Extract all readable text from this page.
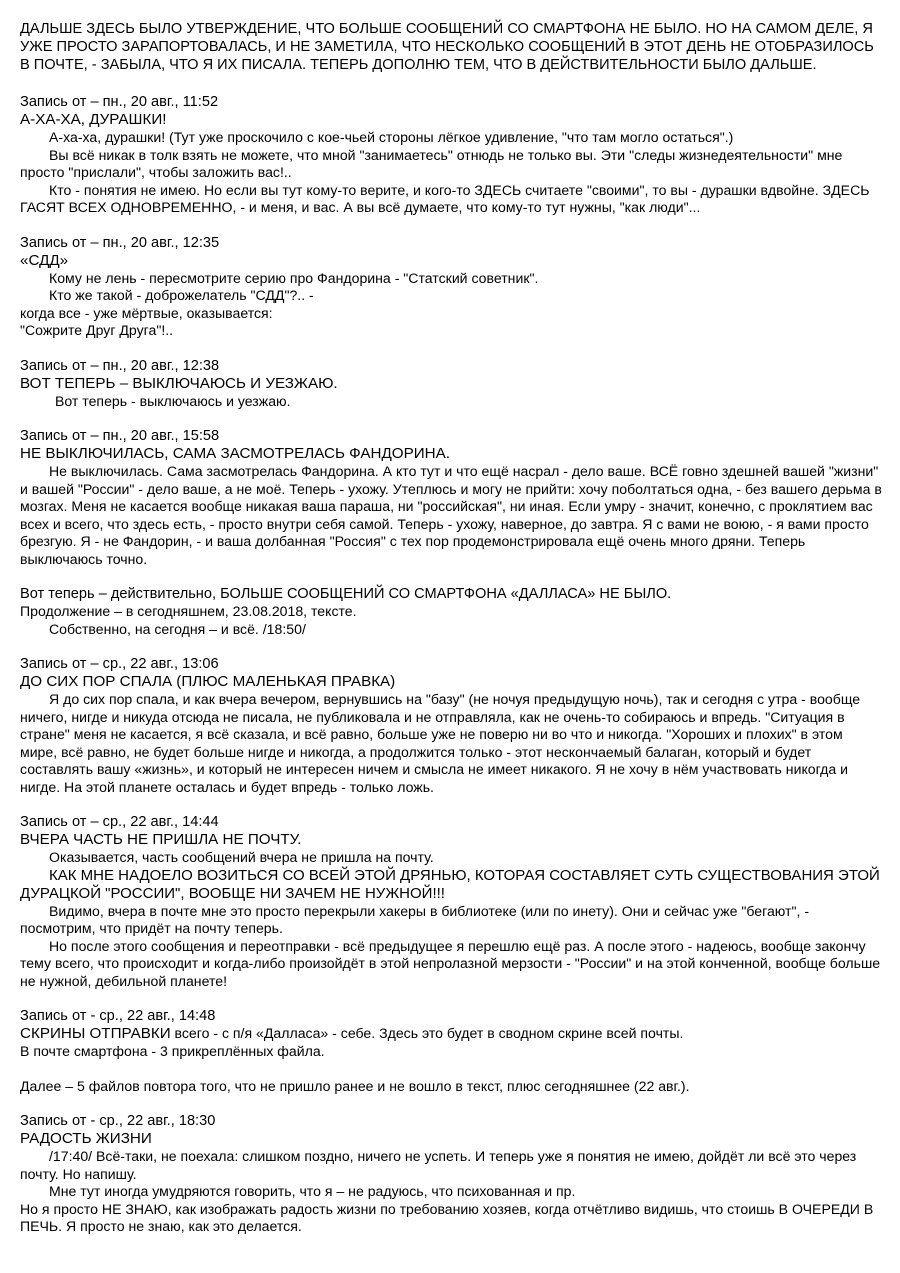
ДАЛЬШЕ ЗДЕСЬ БЫЛО УТВЕРЖДЕНИЕ, ЧТО БОЛЬШЕ СООБЩЕНИЙ СО СМАРТФОНА НЕ БЫЛО. НО НА САМОМ ДЕЛЕ, Я УЖЕ ПРОСТО ЗАРАПОРТОВАЛАСЬ, И НЕ ЗАМЕТИЛА, ЧТО НЕСКОЛЬКО СООБЩЕНИЙ В ЭТОТ ДЕНЬ НЕ ОТОБРАЗИЛОСЬ В ПОЧТЕ, - ЗАБЫЛА, ЧТО Я ИХ ПИСАЛА. ТЕПЕРЬ ДОПОЛНЮ ТЕМ, ЧТО В ДЕЙСТВИТЕЛЬНОСТИ БЫЛО ДАЛЬШЕ.

Запись от – пн., 20 авг., 11:52

А-ХА-ХА, ДУРАШКИ!

А-ха-ха, дурашки! (Тут уже проскочило с кое-чьей стороны лёгкое удивление, "что там могло остаться".)

Вы всё никак в толк взять не можете, что мной "занимаетесь" отнюдь не только вы. Эти "следы жизнедеятельности" мне просто "прислали", чтобы заложить вас!..

Кто - понятия не имею. Но если вы тут кому-то верите, и кого-то ЗДЕСЬ считаете "своими", то вы - дурашки вдвойне. ЗДЕСЬ ГАСЯТ ВСЕХ ОДНОВРЕМЕННО, - и меня, и вас. А вы всё думаете, что кому-то тут нужны, "как люди"...

Запись от – пн., 20 авг., 12:35

«СДД»

Кому не лень - пересмотрите серию про Фандорина - "Статский советник".

Кто же такой - доброжелатель "СДД"?.. -

когда все - уже мёртвые, оказывается:

"Сожрите Друг Друга"!..

Запись от – пн., 20 авг., 12:38

ВОТ ТЕПЕРЬ – ВЫКЛЮЧАЮСЬ И УЕЗЖАЮ.

Вот теперь - выключаюсь и уезжаю.

Запись от – пн., 20 авг., 15:58

НЕ ВЫКЛЮЧИЛАСЬ, САМА ЗАСМОТРЕЛАСЬ ФАНДОРИНА.

Не выключилась. Сама засмотрелась Фандорина. А кто тут и что ещё насрал - дело ваше. ВСЁ говно здешней вашей "жизни" и вашей "России" - дело ваше, а не моё. Теперь - ухожу. Утеплюсь и могу не прийти: хочу поболтаться одна, - без вашего дерьма в мозгах. Меня не касается вообще никакая ваша параша, ни "российская", ни иная. Если умру - значит, конечно, с проклятием вас всех и всего, что здесь есть, - просто внутри себя самой. Теперь - ухожу, наверное, до завтра. Я с вами не воюю, - я вами просто брезгую. Я - не Фандорин, - и ваша долбанная "Россия" с тех пор продемонстрировала ещё очень много дряни. Теперь выключаюсь точно.

Вот теперь – действительно, БОЛЬШЕ СООБЩЕНИЙ СО СМАРТФОНА «ДАЛЛАСА» НЕ БЫЛО.

Продолжение – в сегодняшнем, 23.08.2018, тексте.

Собственно, на сегодня – и всё. /18:50/

Запись от – ср., 22 авг., 13:06

ДО СИХ ПОР СПАЛА (ПЛЮС МАЛЕНЬКАЯ ПРАВКА)

Я до сих пор спала, и как вчера вечером, вернувшись на "базу" (не ночуя предыдущую ночь), так и сегодня с утра - вообще ничего, нигде и никуда отсюда не писала, не публиковала и не отправляла, как не очень-то собираюсь и впредь. "Ситуация в стране" меня не касается, я всё сказала, и всё равно, больше уже не поверю ни во что и никогда. "Хороших и плохих" в этом мире, всё равно, не будет больше нигде и никогда, а продолжится только - этот нескончаемый балаган, который и будет составлять вашу «жизнь», и который не интересен ничем и смысла не имеет никакого. Я не хочу в нём участвовать никогда и нигде. На этой планете осталась и будет впредь - только ложь.

Запись от – ср., 22 авг., 14:44

ВЧЕРА ЧАСТЬ НЕ ПРИШЛА НЕ ПОЧТУ.

Оказывается, часть сообщений вчера не пришла на почту.

КАК МНЕ НАДОЕЛО ВОЗИТЬСЯ СО ВСЕЙ ЭТОЙ ДРЯНЬЮ, КОТОРАЯ СОСТАВЛЯЕТ СУТЬ СУЩЕСТВОВАНИЯ ЭТОЙ ДУРАЦКОЙ "РОССИИ", ВООБЩЕ НИ ЗАЧЕМ НЕ НУЖНОЙ!!!

Видимо, вчера в почте мне это просто перекрыли хакеры в библиотеке (или по инету). Они и сейчас уже "бегают", - посмотрим, что придёт на почту теперь.

Но после этого сообщения и переотправки - всё предыдущее я перешлю ещё раз. А после этого - надеюсь, вообще закончу тему всего, что происходит и когда-либо произойдёт в этой непролазной мерзости - "России" и на этой конченной, вообще больше не нужной, дебильной планете!

Запись от - ср., 22 авг., 14:48

СКРИНЫ ОТПРАВКИ всего - с п/я «Далласа» - себе. Здесь это будет в сводном скрине всей почты.

В почте смартфона - 3 прикреплённых файла.

Далее – 5 файлов повтора того, что не пришло ранее и не вошло в текст, плюс сегодняшнее (22 авг.).

Запись от - ср., 22 авг., 18:30

РАДОСТЬ ЖИЗНИ

/17:40/ Всё-таки, не поехала: слишком поздно, ничего не успеть. И теперь уже я понятия не имею, дойдёт ли всё это через почту. Но напишу.

Мне тут иногда умудряются говорить, что я – не радуюсь, что психованная и пр.

Но я просто НЕ ЗНАЮ, как изображать радость жизни по требованию хозяев, когда отчётливо видишь, что стоишь В ОЧЕРЕДИ В ПЕЧЬ. Я просто не знаю, как это делается.
